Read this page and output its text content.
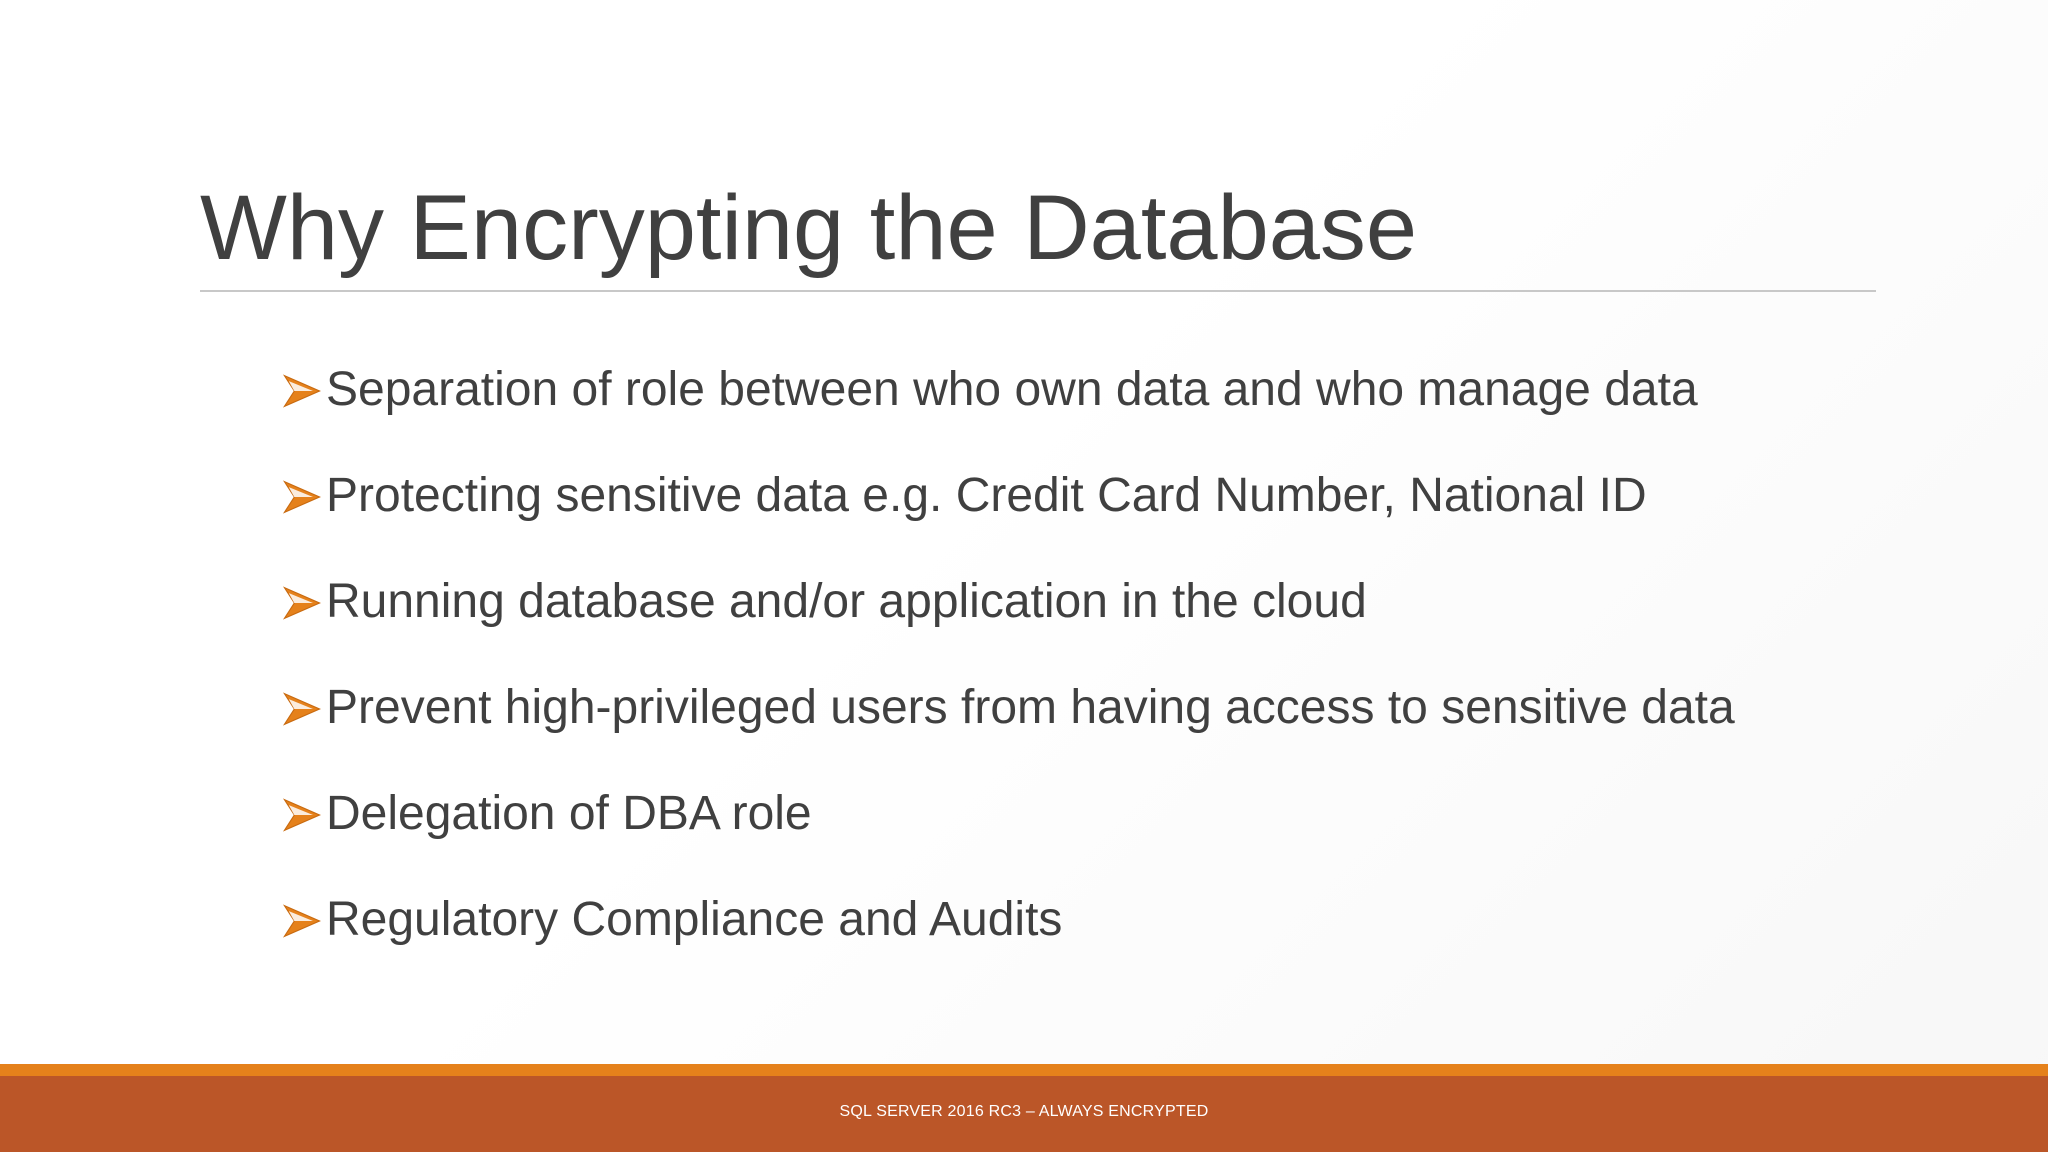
Why Encrypting the Database
Separation of role between who own data and who manage data
Protecting sensitive data e.g. Credit Card Number, National ID
Running database and/or application in the cloud
Prevent high-privileged users from having access to sensitive data
Delegation of DBA role
Regulatory Compliance and Audits
SQL SERVER 2016 RC3 – ALWAYS ENCRYPTED
